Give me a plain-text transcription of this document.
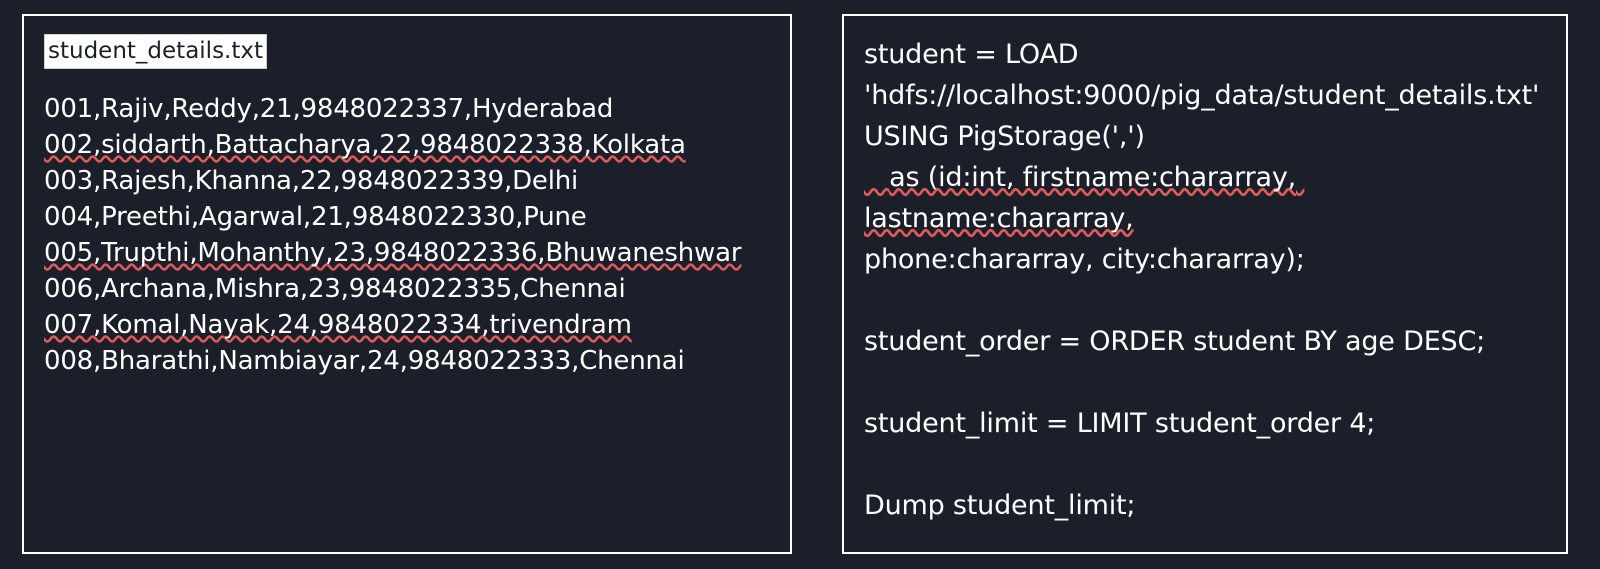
student_details.txt
001,Rajiv,Reddy,21,9848022337,Hyderabad
002,siddarth,Battacharya,22,9848022338,Kolkata
003,Rajesh,Khanna,22,9848022339,Delhi
004,Preethi,Agarwal,21,9848022330,Pune
005,Trupthi,Mohanthy,23,9848022336,Bhuwaneshwar
006,Archana,Mishra,23,9848022335,Chennai
007,Komal,Nayak,24,9848022334,trivendram
008,Bharathi,Nambiayar,24,9848022333,Chennai
student = LOAD
'hdfs://localhost:9000/pig_data/student_details.txt'
USING PigStorage(',')
as (id:int, firstname:chararray, lastname:chararray,
phone:chararray, city:chararray);
student_order = ORDER student BY age DESC;
student_limit = LIMIT student_order 4;
Dump student_limit;
